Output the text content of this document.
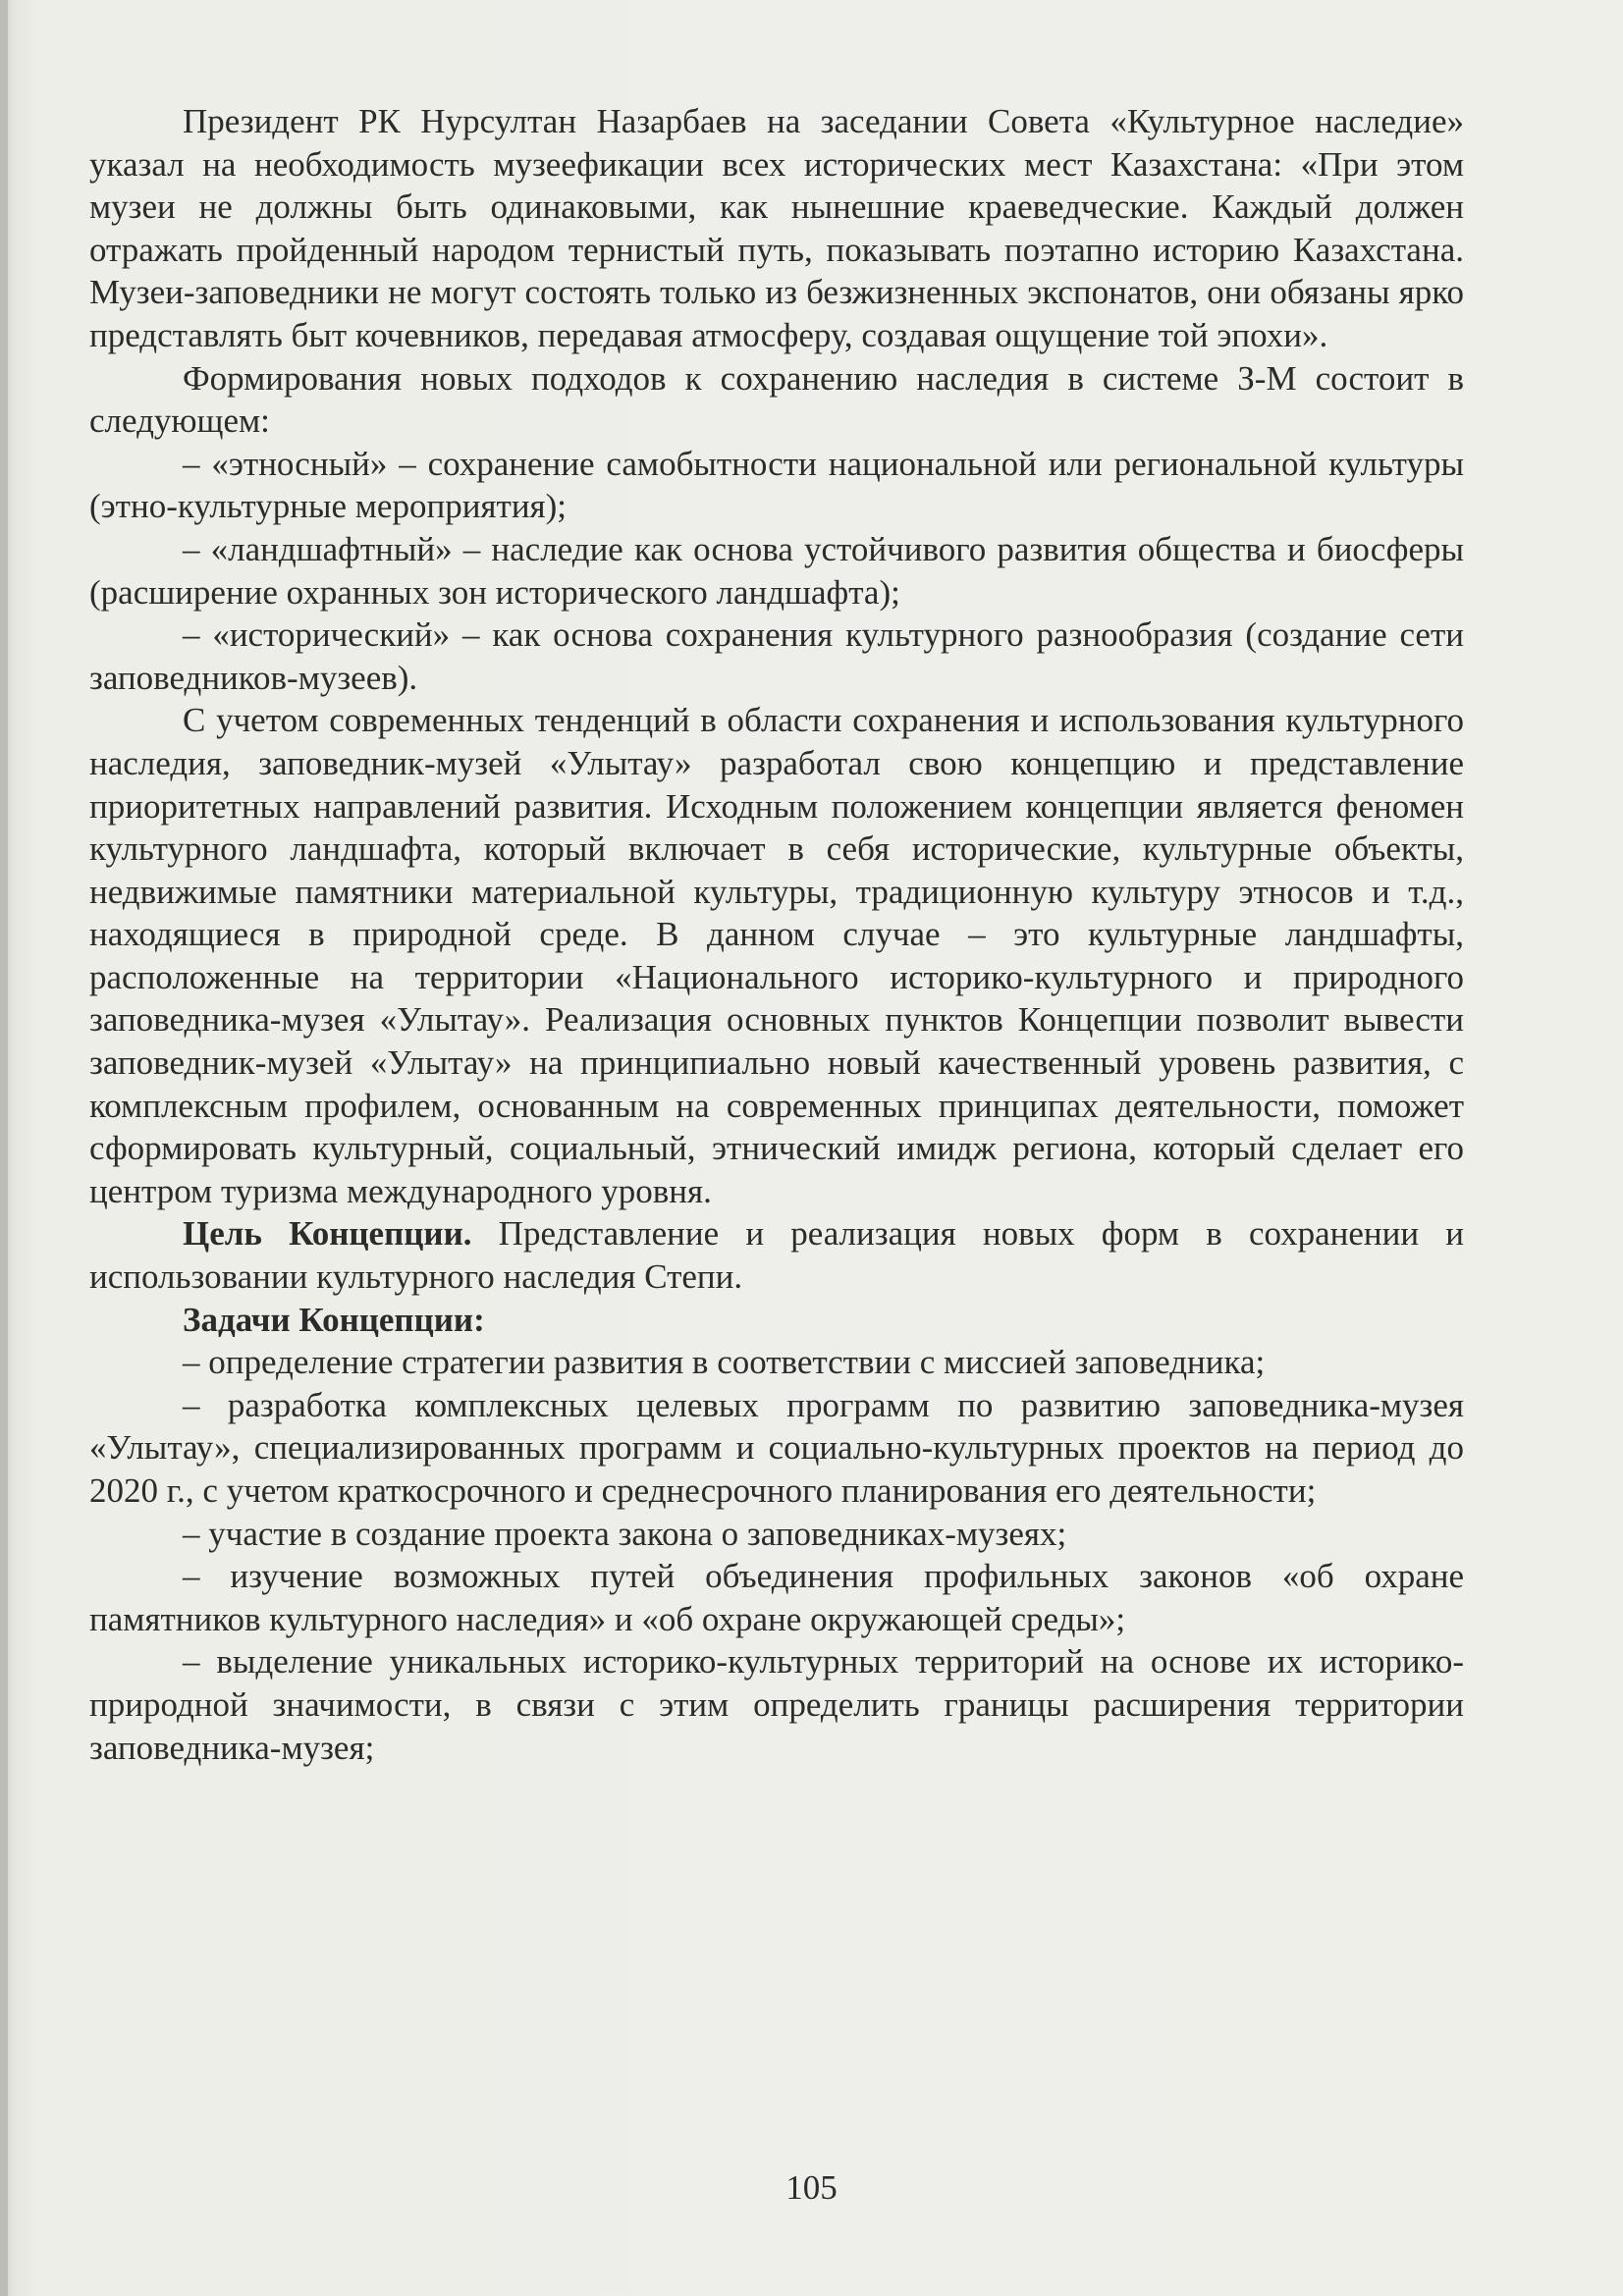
Президент РК Нурсултан Назарбаев на заседании Совета «Культурное наследие» указал на необходимость музеефикации всех исторических мест Казахстана: «При этом музеи не должны быть одинаковыми, как нынешние краеведческие. Каждый должен отражать пройденный народом тернистый путь, показывать поэтапно историю Казахстана. Музеи-заповедники не могут состоять только из безжизненных экспонатов, они обязаны ярко представлять быт кочевников, передавая атмосферу, создавая ощущение той эпохи».

Формирования новых подходов к сохранению наследия в системе З-М состоит в следующем:

– «этносный» – сохранение самобытности национальной или региональной культуры (этно-культурные мероприятия);

– «ландшафтный» – наследие как основа устойчивого развития общества и биосферы (расширение охранных зон исторического ландшафта);

– «исторический» – как основа сохранения культурного разнообразия (создание сети заповедников-музеев).

С учетом современных тенденций в области сохранения и использования культурного наследия, заповедник-музей «Улытау» разработал свою концепцию и представление приоритетных направлений развития. Исходным положением концепции является феномен культурного ландшафта, который включает в себя исторические, культурные объекты, недвижимые памятники материальной культуры, традиционную культуру этносов и т.д., находящиеся в природной среде. В данном случае – это культурные ландшафты, расположенные на территории «Национального историко-культурного и природного заповедника-музея «Улытау». Реализация основных пунктов Концепции позволит вывести заповедник-музей «Улытау» на принципиально новый качественный уровень развития, с комплексным профилем, основанным на современных принципах деятельности, поможет сформировать культурный, социальный, этнический имидж региона, который сделает его центром туризма международного уровня.

Цель Концепции. Представление и реализация новых форм в сохранении и использовании культурного наследия Степи.

Задачи Концепции:

– определение стратегии развития в соответствии с миссией заповедника;

– разработка комплексных целевых программ по развитию заповедника-музея «Улытау», специализированных программ и социально-культурных проектов на период до 2020 г., с учетом краткосрочного и среднесрочного планирования его деятельности;

– участие в создание проекта закона о заповедниках-музеях;

– изучение возможных путей объединения профильных законов «об охране памятников культурного наследия» и «об охране окружающей среды»;

– выделение уникальных историко-культурных территорий на основе их историко-природной значимости, в связи с этим определить границы расширения территории заповедника-музея;

105
